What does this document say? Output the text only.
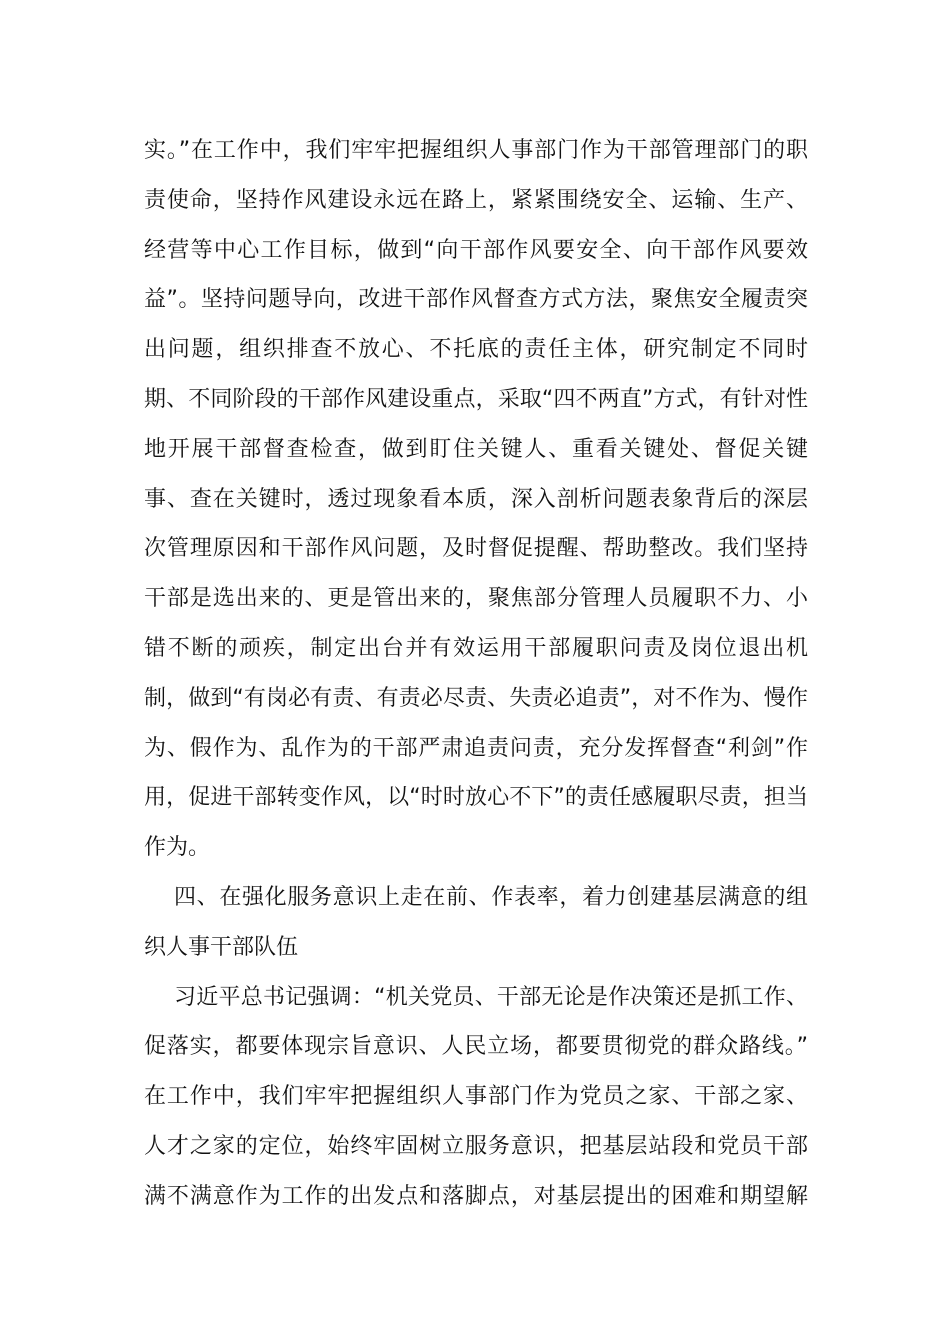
实。”在工作中，我们牢牢把握组织人事部门作为干部管理部门的职
责使命，坚持作风建设永远在路上，紧紧围绕安全、运输、生产、
经营等中心工作目标，做到“向干部作风要安全、向干部作风要效
益”。坚持问题导向，改进干部作风督查方式方法，聚焦安全履责突
出问题，组织排查不放心、不托底的责任主体，研究制定不同时
期、不同阶段的干部作风建设重点，采取“四不两直”方式，有针对性
地开展干部督查检查，做到盯住关键人、重看关键处、督促关键
事、查在关键时，透过现象看本质，深入剖析问题表象背后的深层
次管理原因和干部作风问题，及时督促提醒、帮助整改。我们坚持
干部是选出来的、更是管出来的，聚焦部分管理人员履职不力、小
错不断的顽疾，制定出台并有效运用干部履职问责及岗位退出机
制，做到“有岗必有责、有责必尽责、失责必追责”，对不作为、慢作
为、假作为、乱作为的干部严肃追责问责，充分发挥督查“利剑”作
用，促进干部转变作风，以“时时放心不下”的责任感履职尽责，担当
作为。
四、在强化服务意识上走在前、作表率，着力创建基层满意的组
织人事干部队伍
习近平总书记强调：“机关党员、干部无论是作决策还是抓工作、
促落实，都要体现宗旨意识、人民立场，都要贯彻党的群众路线。”
在工作中，我们牢牢把握组织人事部门作为党员之家、干部之家、
人才之家的定位，始终牢固树立服务意识，把基层站段和党员干部
满不满意作为工作的出发点和落脚点，对基层提出的困难和期望解
